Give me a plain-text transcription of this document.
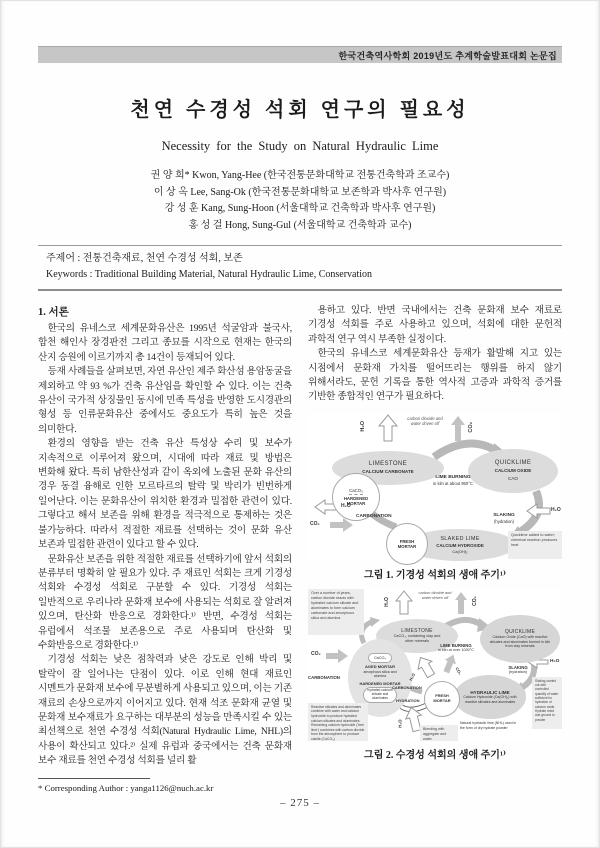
한국건축역사학회 2019년도 추계학술발표대회 논문집
천연 수경성 석회 연구의 필요성
Necessity for the Study on Natural Hydraulic Lime
권 양 희* Kwon, Yang-Hee (한국전통문화대학교 전통건축학과 조교수)
이 상 옥 Lee, Sang-Ok (한국전통문화대학교 보존학과 박사후 연구원)
강 성 훈 Kang, Sung-Hoon (서울대학교 건축학과 박사후 연구원)
홍 성 걸 Hong, Sung-Gul (서울대학교 건축학과 교수)
주제어 : 전통건축재료, 천연 수경성 석회, 보존
Keywords : Traditional Building Material, Natural Hydraulic Lime, Conservation
1. 서론

한국의 유네스코 세계문화유산은 1995년 석굴암과 불국사, 합천 해인사 장경판전 그리고 종묘를 시작으로 현재는 한국의 산지 승원에 이르기까지 총 14건이 등재되어 있다.

등재 사례들을 살펴보면, 자연 유산인 제주 화산섬 용암동굴을 제외하고 약 93 %가 건축 유산임을 확인할 수 있다. 이는 건축 유산이 국가적 상징물인 동시에 민족 특성을 반영한 도시경관의 형성 등 인류문화유산 중에서도 중요도가 특히 높은 것을 의미한다.

환경의 영향을 받는 건축 유산 특성상 수리 및 보수가 지속적으로 이루어져 왔으며, 시대에 따라 재료 및 방법은 변화해 왔다. 특히 남한산성과 같이 옥외에 노출된 문화 유산의 경우 동결 융해로 인한 모르타르의 탈락 및 박리가 빈번하게 일어난다. 이는 문화유산이 위치한 환경과 밀접한 관련이 있다. 그렇다고 해서 보존을 위해 환경을 적극적으로 통제하는 것은 불가능하다. 따라서 적절한 재료를 선택하는 것이 문화 유산 보존과 밀접한 관련이 있다고 할 수 있다.

문화유산 보존을 위한 적절한 재료를 선택하기에 앞서 석회의 분류부터 명확히 알 필요가 있다. 주 재료인 석회는 크게 기경성 석회와 수경성 석회로 구분할 수 있다. 기경성 석회는 일반적으로 우리나라 문화재 보수에 사용되는 석회로 잘 알려져 있으며, 탄산화 반응으로 경화한다.¹⁾ 반면, 수경성 석회는 유럽에서 석조물 보존용으로 주로 사용되며 탄산화 및 수화반응으로 경화한다.¹⁾

기경성 석회는 낮은 점착력과 낮은 강도로 인해 박리 및 탈락이 잘 일어나는 단점이 있다. 이로 인해 현대 재료인 시멘트가 문화재 보수에 무분별하게 사용되고 있으며, 이는 기존 재료의 손상으로까지 이어지고 있다. 현재 석조 문화재 균열 및 문화재 보수재료가 요구하는 대부분의 성능을 만족시킬 수 있는 최선책으로 천연 수경성 석회(Natural Hydraulic Lime, NHL)의 사용이 확산되고 있다.²⁾ 실제 유럽과 중국에서는 건축 문화재 보수 재료를 천연 수경성 석회를 널리 활

* Corresponding Author : yanga1126@nuch.ac.kr

용하고 있다. 반면 국내에서는 건축 문화재 보수 재료로 기경성 석회를 주로 사용하고 있으며, 석회에 대한 문헌적 과학적 연구 역시 부족한 실정이다.

한국의 유네스코 세계문화유산 등재가 활발해 지고 있는 시점에서 문화재 가치를 떨어뜨리는 행위를 하지 않기 위해서라도, 문헌 기록을 통한 역사적 고증과 과학적 증거를 기반한 종합적인 연구가 필요하다.

H₂O
carbon dioxide and water driven off	CO₂
LIMESTONE
CALCIUM CARBONATE
QUICKLIME
CALCIUM OXIDE
CAO
LIME BURNING
in kiln at about 950°C
CaCO₃
HARDENED MORTAR
SLAKING
(hydration)
H₂O
SLAKED LIME
CALCIUM HYDROXIDE
Ca(OH)₂
FRESH MORTAR
CARBONATION
H₂O
CO₂
Quicklime added to water; chemical reaction produces heat
그림 1. 기경성 석회의 생애 주기¹⁾
Over a number of years, carbon dioxide reacts with hydrated calcium silicate and aluminates to form calcium carbonate and amorphous silica and alumina
H₂O
carbon dioxide and water driven off	CO₂
LIMESTONE
CaCO₃, containing clay and other minerals
QUICKLIME
Calcium Oxide (CaO) with reactive silicates and aluminates formed in kiln from clay minerals
LIME BURNING
in kiln at over 1000°C
CaCO₃
AGED MORTAR
amorphous silica and alumina
HARDENED MORTAR
hydrated calcium silicate and aluminates
CO₂
CARBONATION	H₂O
CO₂	SLAKING
(hydration)
H₂O
Slaking carried out with controlled quantity of water sufficient for hydration of calcium oxide. Hydrate dried and ground to powder
HYDRAULIC LIME
Calcium Hydroxide (Ca(OH)₂) with reactive silicates and aluminates
FRESH MORTAR
CARBONATION
HYDRATION
H₂O	Natural hydraulic lime (NHL) used in the form of dry hydrate powder
Blending with aggregate and water
Reactive silicates and aluminates combine with water and calcium hydroxide to produce hydrated calcium silicates and aluminates. Remaining calcium hydroxide ('free lime') combines with carbon dioxide from the atmosphere to produce calcite (CaCO₃)
그림 2. 수경성 석회의 생애 주기¹⁾
– 275 –
